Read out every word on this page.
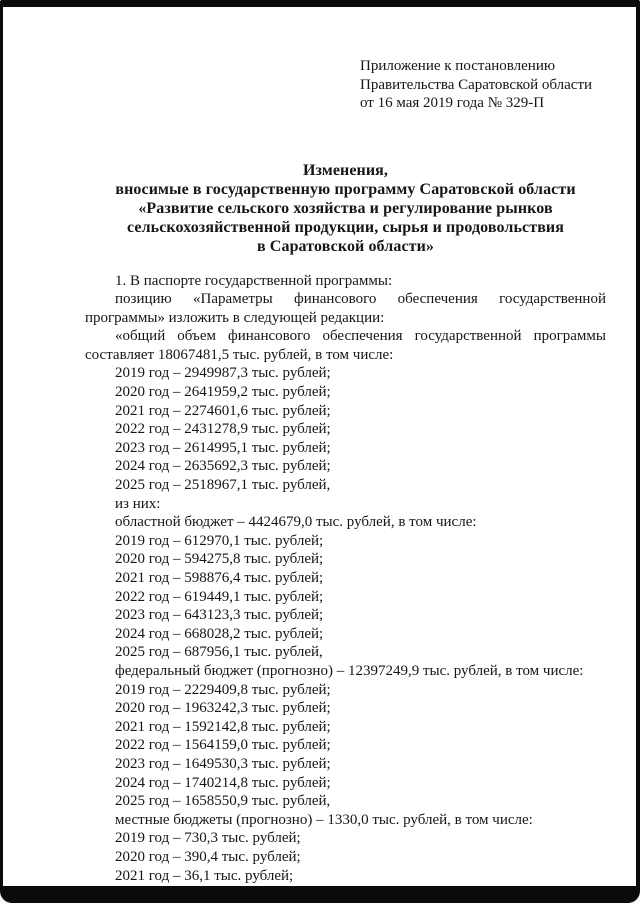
Приложение к постановлению
Правительства Саратовской области
от 16 мая 2019 года № 329-П
Изменения,
вносимые в государственную программу Саратовской области
«Развитие сельского хозяйства и регулирование рынков
сельскохозяйственной продукции, сырья и продовольствия
в Саратовской области»

1. В паспорте государственной программы:

позицию «Параметры финансового обеспечения государственной программы» изложить в следующей редакции:

«общий объем финансового обеспечения государственной программы составляет 18067481,5 тыс. рублей, в том числе:

2019 год – 2949987,3 тыс. рублей;

2020 год – 2641959,2 тыс. рублей;

2021 год – 2274601,6 тыс. рублей;

2022 год – 2431278,9 тыс. рублей;

2023 год – 2614995,1 тыс. рублей;

2024 год – 2635692,3 тыс. рублей;

2025 год – 2518967,1 тыс. рублей,

из них:

областной бюджет – 4424679,0 тыс. рублей, в том числе:

2019 год – 612970,1 тыс. рублей;

2020 год – 594275,8 тыс. рублей;

2021 год – 598876,4 тыс. рублей;

2022 год – 619449,1 тыс. рублей;

2023 год – 643123,3 тыс. рублей;

2024 год – 668028,2 тыс. рублей;

2025 год – 687956,1 тыс. рублей,

федеральный бюджет (прогнозно) – 12397249,9 тыс. рублей, в том числе:

2019 год – 2229409,8 тыс. рублей;

2020 год – 1963242,3 тыс. рублей;

2021 год – 1592142,8 тыс. рублей;

2022 год – 1564159,0 тыс. рублей;

2023 год – 1649530,3 тыс. рублей;

2024 год – 1740214,8 тыс. рублей;

2025 год – 1658550,9 тыс. рублей,

местные бюджеты (прогнозно) – 1330,0 тыс. рублей, в том числе:

2019 год – 730,3 тыс. рублей;

2020 год – 390,4 тыс. рублей;

2021 год – 36,1 тыс. рублей;
